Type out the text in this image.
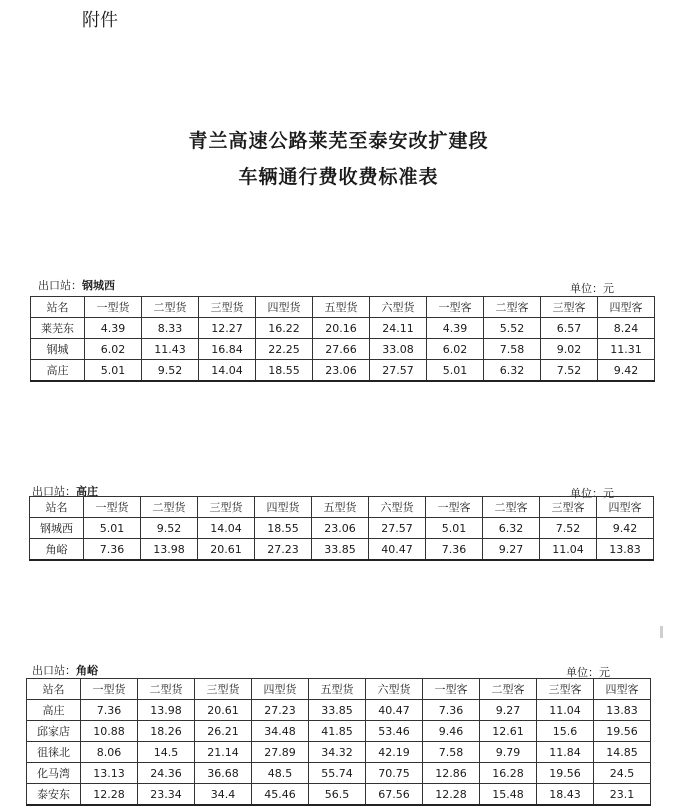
附件
青兰高速公路莱芜至泰安改扩建段
车辆通行费收费标准表
出口站：钢城西	单位：元
站名	一型货	二型货	三型货	四型货	五型货	六型货	一型客	二型客	三型客	四型客
莱芜东	4.39	8.33	12.27	16.22	20.16	24.11	4.39	5.52	6.57	8.24
钢城	6.02	11.43	16.84	22.25	27.66	33.08	6.02	7.58	9.02	11.31
高庄	5.01	9.52	14.04	18.55	23.06	27.57	5.01	6.32	7.52	9.42
出口站：高庄	单位：元
站名	一型货	二型货	三型货	四型货	五型货	六型货	一型客	二型客	三型客	四型客
钢城西	5.01	9.52	14.04	18.55	23.06	27.57	5.01	6.32	7.52	9.42
角峪	7.36	13.98	20.61	27.23	33.85	40.47	7.36	9.27	11.04	13.83
出口站：角峪	单位：元
站名	一型货	二型货	三型货	四型货	五型货	六型货	一型客	二型客	三型客	四型客
高庄	7.36	13.98	20.61	27.23	33.85	40.47	7.36	9.27	11.04	13.83
邱家店	10.88	18.26	26.21	34.48	41.85	53.46	9.46	12.61	15.6	19.56
徂徕北	8.06	14.5	21.14	27.89	34.32	42.19	7.58	9.79	11.84	14.85
化马湾	13.13	24.36	36.68	48.5	55.74	70.75	12.86	16.28	19.56	24.5
泰安东	12.28	23.34	34.4	45.46	56.5	67.56	12.28	15.48	18.43	23.1
